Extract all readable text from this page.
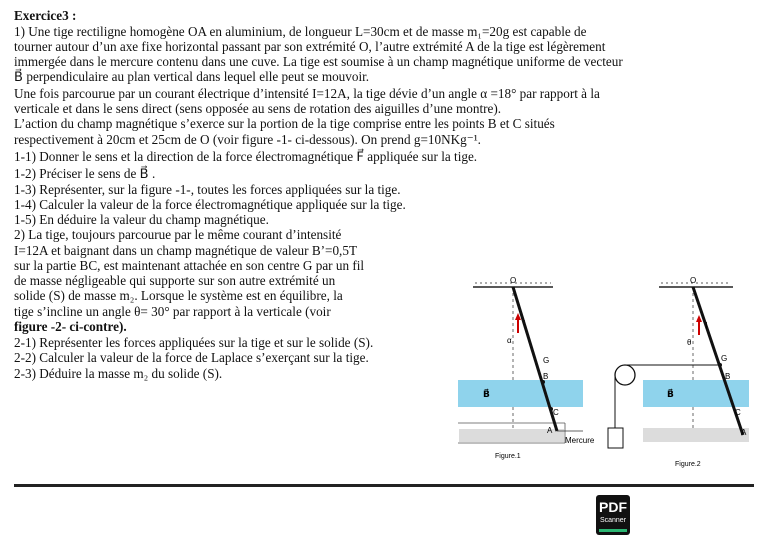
Exercice3 :
1) Une tige rectiligne homogène OA en aluminium, de longueur L=30cm et de masse m₁=20g est capable de
tourner autour d’un axe fixe horizontal passant par son extrémité O, l’autre extrémité A de la tige est légèrement
immergée dans le mercure contenu dans une cuve. La tige est soumise à un champ magnétique uniforme de vecteur
B⃗ perpendiculaire au plan vertical dans lequel elle peut se mouvoir.
Une fois parcourue par un courant électrique d’intensité I=12A, la tige dévie d’un angle α =18° par rapport à la
verticale et dans le sens direct (sens opposée au sens de rotation des aiguilles d’une montre).
L’action du champ magnétique s’exerce sur la portion de la tige comprise entre les points B et C situés
respectivement à 20cm et 25cm de O (voir figure -1- ci-dessous). On prend g=10NKg⁻¹.
1-1) Donner le sens et la direction de la force électromagnétique F⃗ appliquée sur la tige.
1-2) Préciser le sens de B⃗ .
1-3) Représenter, sur la figure -1-, toutes les forces appliquées sur la tige.
1-4) Calculer la valeur de la force électromagnétique appliquée sur la tige.
1-5) En déduire la valeur du champ magnétique.
2) La tige, toujours parcourue par le même courant d’intensité
I=12A et baignant dans un champ magnétique de valeur B’=0,5T
sur la partie BC, est maintenant attachée en son centre G par un fil
de masse négligeable qui supporte sur son autre extrémité un
solide (S) de masse m₂. Lorsque le système est en équilibre, la
tige s’incline un angle θ= 30° par rapport à la verticale (voir
figure -2- ci-contre).
2-1) Représenter les forces appliquées sur la tige et sur le solide (S).
2-2) Calculer la valeur de la force de Laplace s’exerçant sur la tige.
2-3) Déduire la masse m₂ du solide (S).
O
I
α
G
B
C
A
B⃗
Mercure
Figure.1
O
I
θ
G
B
C
A
B⃗
Figure.2
PDF
Scanner
